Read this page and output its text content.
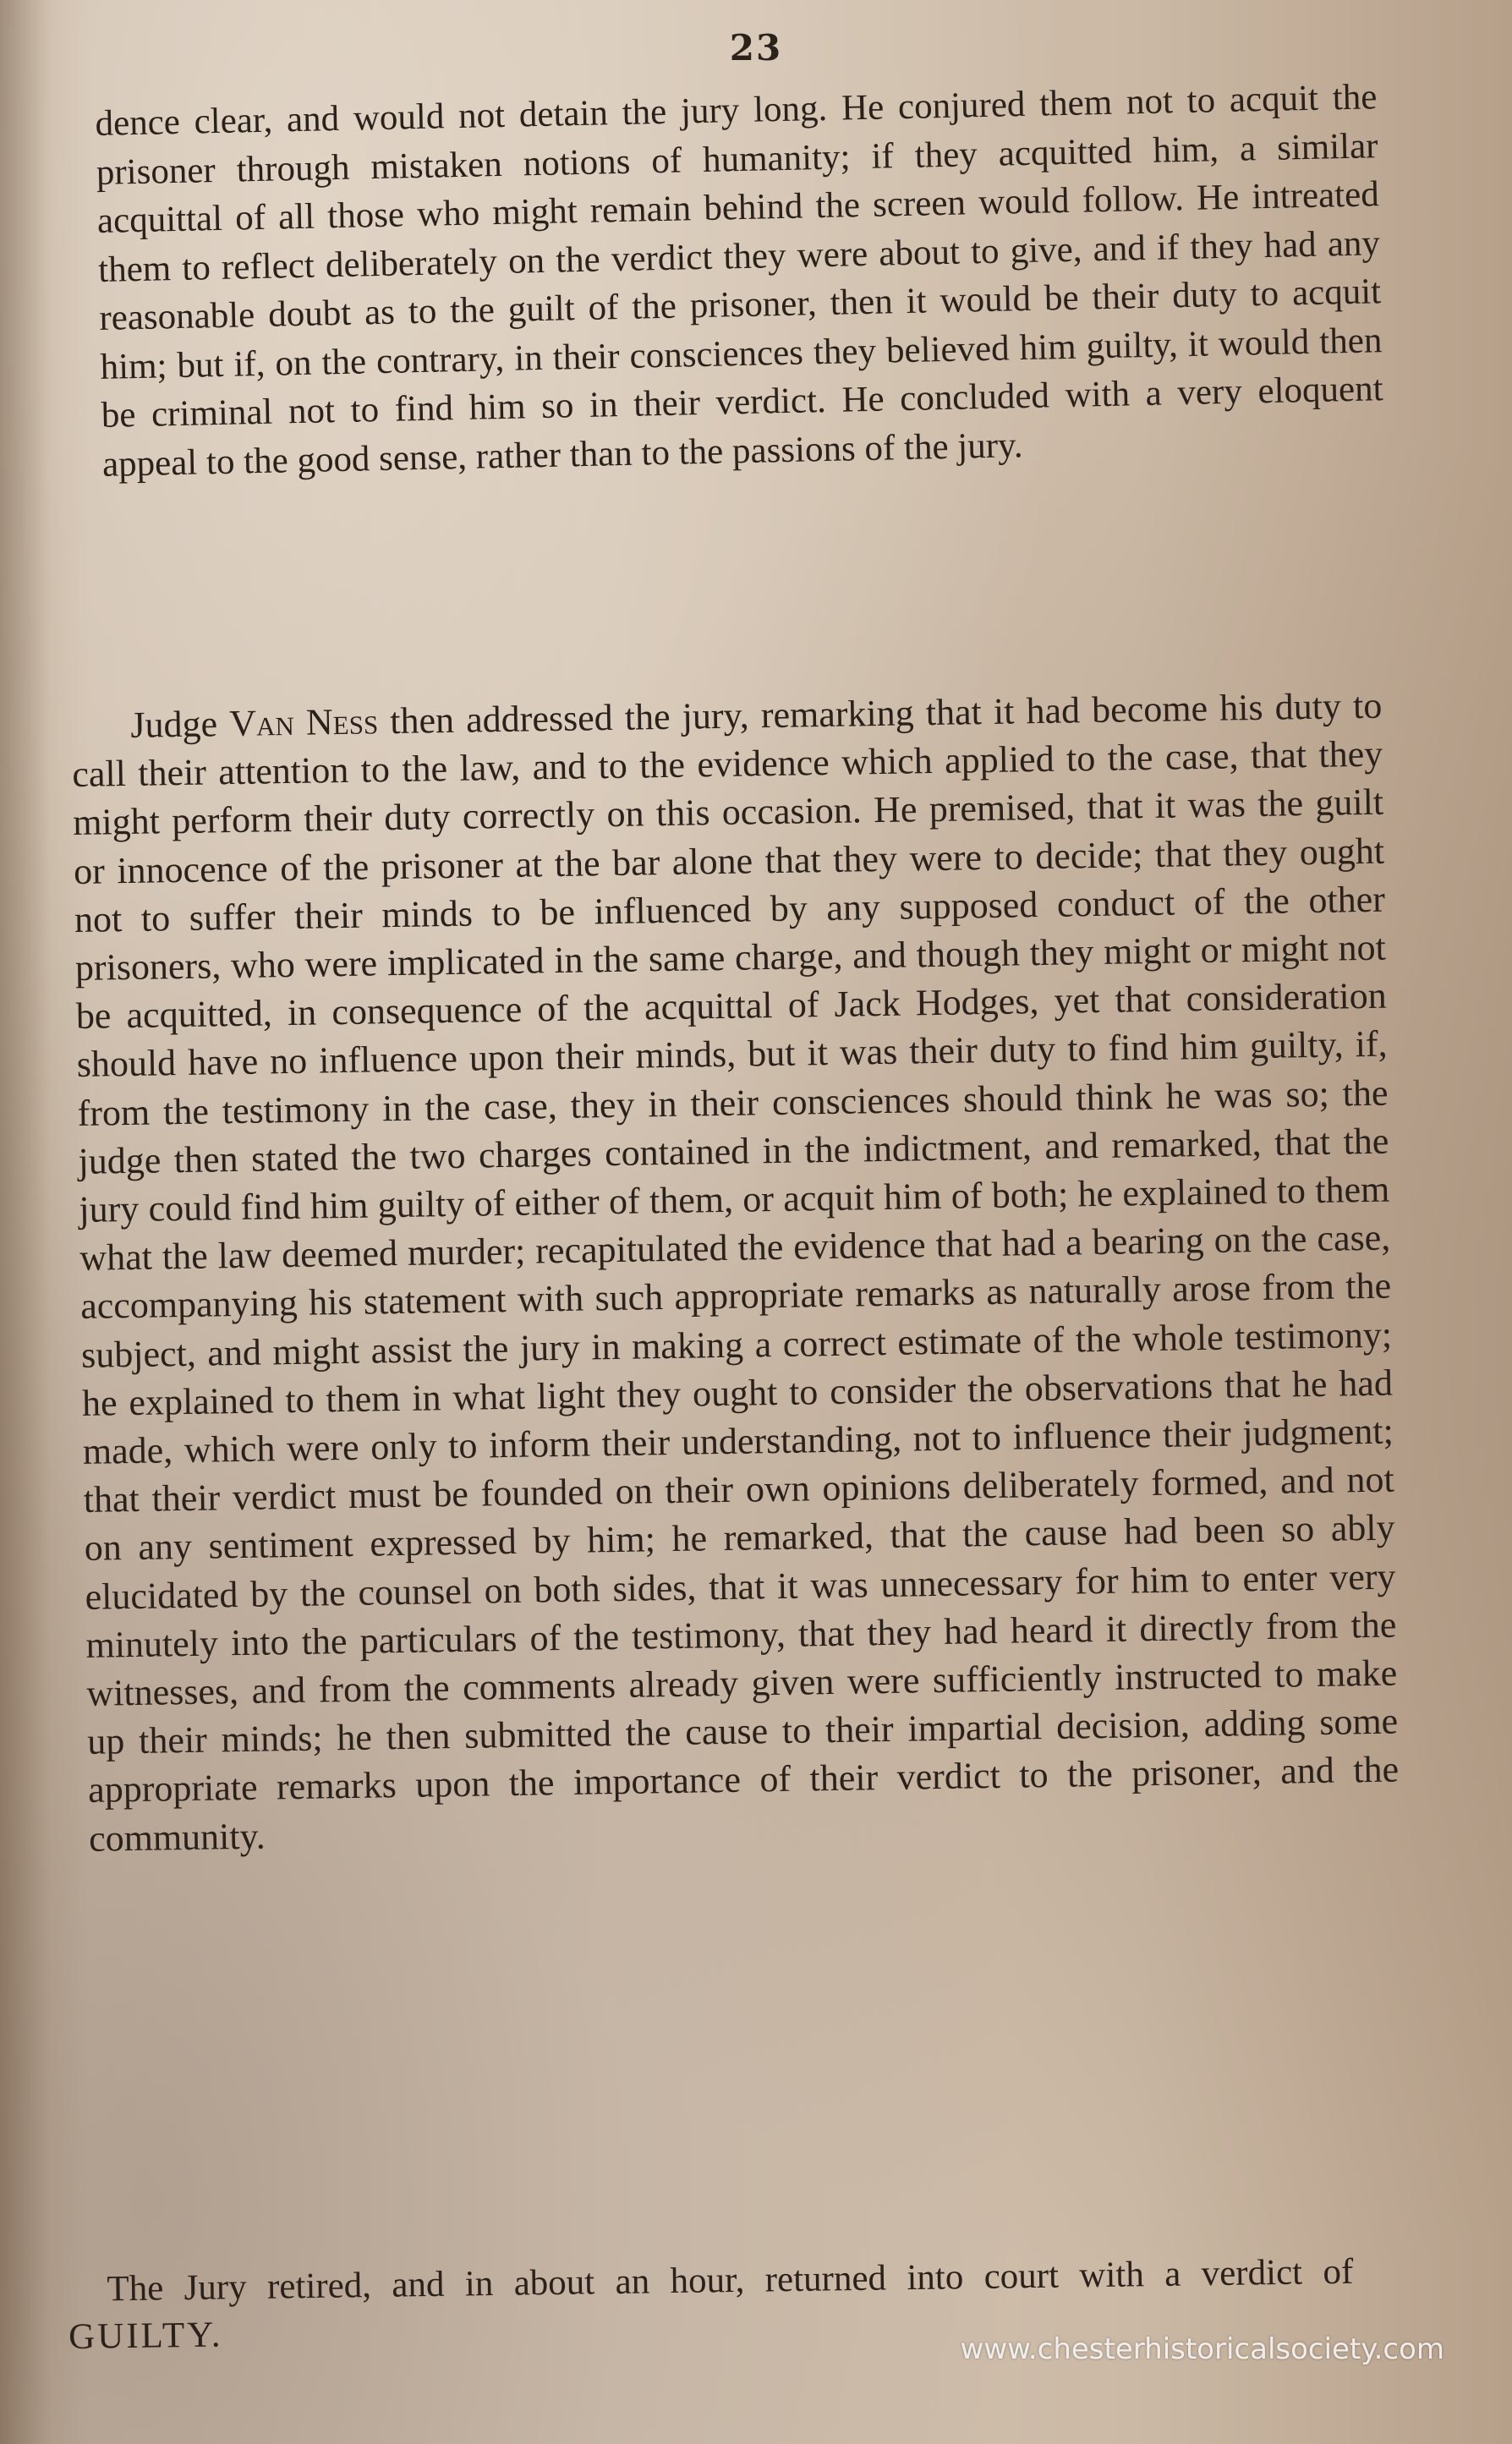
23
dence clear, and would not detain the jury long. He conjured them not to acquit the prisoner through mistaken notions of humanity; if they acquitted him, a similar acquittal of all those who might remain behind the screen would follow. He intreated them to reflect deliberately on the verdict they were about to give, and if they had any reasonable doubt as to the guilt of the prisoner, then it would be their duty to acquit him; but if, on the contrary, in their consciences they believed him guilty, it would then be criminal not to find him so in their verdict. He concluded with a very eloquent appeal to the good sense, rather than to the passions of the jury.
Judge Van Ness then addressed the jury, remarking that it had become his duty to call their attention to the law, and to the evidence which applied to the case, that they might perform their duty correctly on this occasion. He premised, that it was the guilt or innocence of the prisoner at the bar alone that they were to decide; that they ought not to suffer their minds to be influenced by any supposed conduct of the other prisoners, who were implicated in the same charge, and though they might or might not be acquitted, in consequence of the acquittal of Jack Hodges, yet that consideration should have no influence upon their minds, but it was their duty to find him guilty, if, from the testimony in the case, they in their consciences should think he was so; the judge then stated the two charges contained in the indictment, and remarked, that the jury could find him guilty of either of them, or acquit him of both; he explained to them what the law deemed murder; recapitulated the evidence that had a bearing on the case, accompanying his statement with such appropriate remarks as naturally arose from the subject, and might assist the jury in making a correct estimate of the whole testimony; he explained to them in what light they ought to consider the observations that he had made, which were only to inform their understanding, not to influence their judgment; that their verdict must be founded on their own opinions deliberately formed, and not on any sentiment expressed by him; he remarked, that the cause had been so ably elucidated by the counsel on both sides, that it was unnecessary for him to enter very minutely into the particulars of the testimony, that they had heard it directly from the witnesses, and from the comments already given were sufficiently instructed to make up their minds; he then submitted the cause to their impartial decision, adding some appropriate remarks upon the importance of their verdict to the prisoner, and the community.
The Jury retired, and in about an hour, returned into court with a verdict of GUILTY.	www.chesterhistoricalsociety.com
